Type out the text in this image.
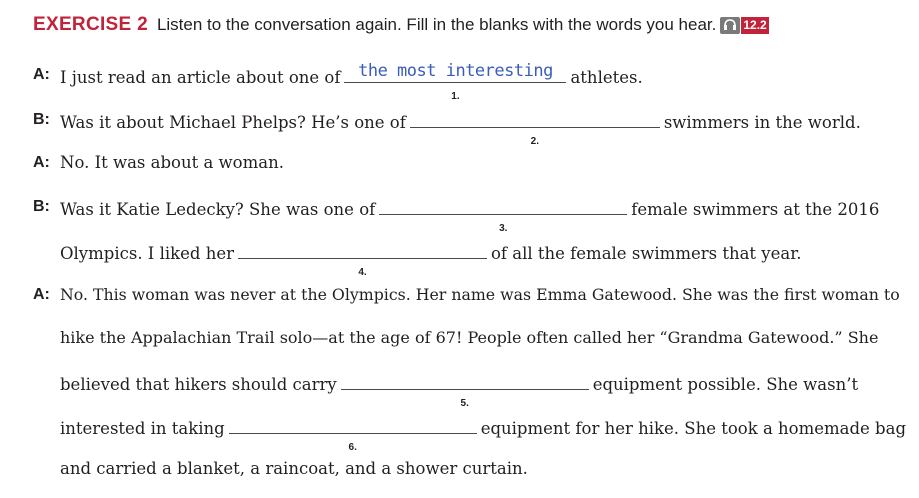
EXERCISE 2 Listen to the conversation again. Fill in the blanks with the words you hear. 12.2
A: I just read an article about one of	the most interesting
1.
athletes.
B: Was it about Michael Phelps? He’s one of
2.
swimmers in the world.
A: No. It was about a woman.
B: Was it Katie Ledecky? She was one of
3.
female swimmers at the 2016
Olympics. I liked her
4.
of all the female swimmers that year.
A: No. This woman was never at the Olympics. Her name was Emma Gatewood. She was the first woman to
hike the Appalachian Trail solo—at the age of 67! People often called her “Grandma Gatewood.” She
believed that hikers should carry
5.
equipment possible. She wasn’t
interested in taking
6.
equipment for her hike. She took a homemade bag
and carried a blanket, a raincoat, and a shower curtain.
